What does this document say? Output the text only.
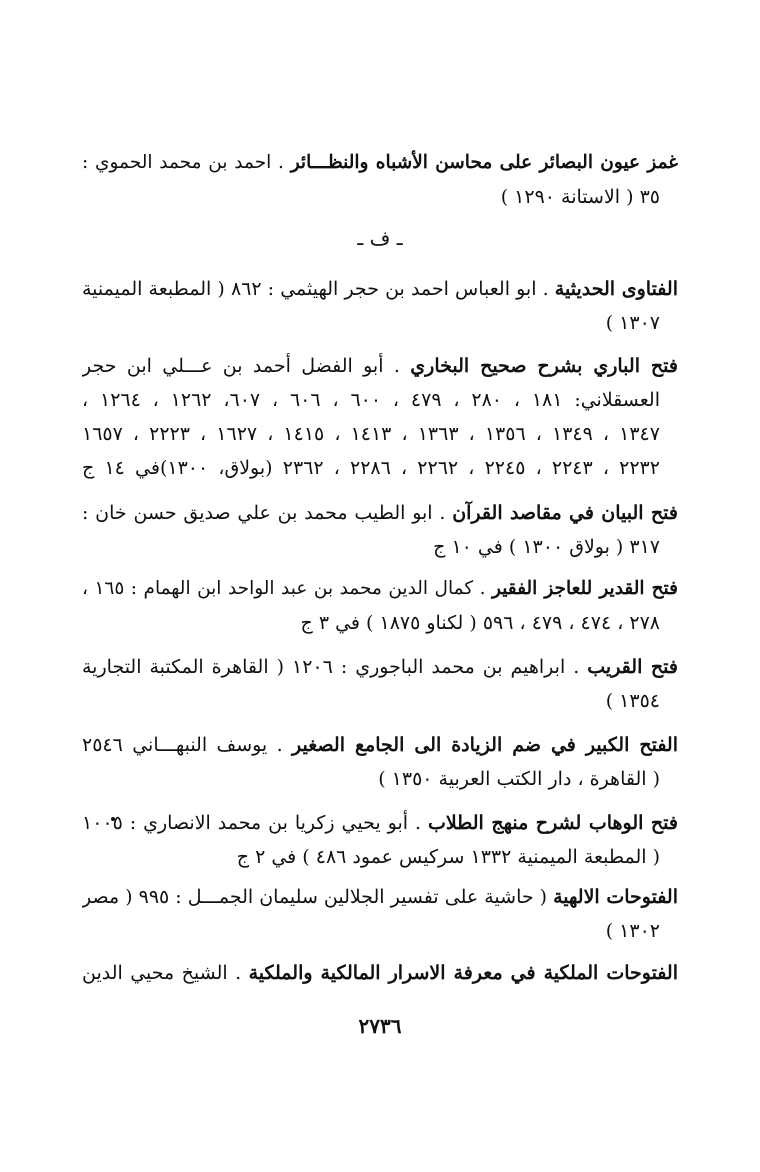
غمز عيون البصائر على محاسن الأشباه والنظـــائر . احمد بن محمد الحموي :
٣٥ ( الاستانة ١٢٩٠ )
ـ ف ـ
الفتاوى الحديثية . ابو العباس احمد بن حجر الهيثمي : ٨٦٢ ( المطبعة الميمنية
١٣٠٧ )
فتح الباري بشرح صحيح البخاري . أبو الفضل أحمد بن عـــلي ابن حجر
العسقلاني: ١٨١ ، ٢٨٠ ، ٤٧٩ ، ٦٠٠ ، ٦٠٦ ، ٦٠٧، ١٢٦٢ ، ١٢٦٤ ،
١٣٤٧ ، ١٣٤٩ ، ١٣٥٦ ، ١٣٦٣ ، ١٤١٣ ، ١٤١٥ ، ١٦٢٧ ، ٢٢٢٣ ، ١٦٥٧
٢٢٣٢ ، ٢٢٤٣ ، ٢٢٤٥ ، ٢٢٦٢ ، ٢٢٨٦ ، ٢٣٦٢ (بولاق، ١٣٠٠)في ١٤ ج
فتح البيان في مقاصد القرآن . ابو الطيب محمد بن علي صديق حسن خان :
٣١٧ ( بولاق ١٣٠٠ ) في ١٠ ج
فتح القدير للعاجز الفقير . كمال الدين محمد بن عبد الواحد ابن الهمام : ١٦٥ ،
٢٧٨ ، ٤٧٤ ، ٤٧٩ ، ٥٩٦ ( لكناو ١٨٧٥ ) في ٣ ج
فتح القريب . ابراهيم بن محمد الباجوري : ١٢٠٦ ( القاهرة المكتبة التجارية
١٣٥٤ )
الفتح الكبير في ضم الزيادة الى الجامع الصغير . يوسف النبهـــاني ٢٥٤٦
( القاهرة ، دار الكتب العربية ١٣٥٠ )
فتح الوهاب لشرح منهج الطلاب . أبو يحيي زكريا بن محمد الانصاري : ١٠٠٥
( المطبعة الميمنية ١٣٣٢ سركيس عمود ٤٨٦ ) في ٢ ج
الفتوحات الالهية ( حاشية على تفسير الجلالين سليمان الجمـــل : ٩٩٥ ( مصر
١٣٠٢ )
الفتوحات الملكية في معرفة الاسرار المالكية والملكية . الشيخ محيي الدين
٢٧٣٦
